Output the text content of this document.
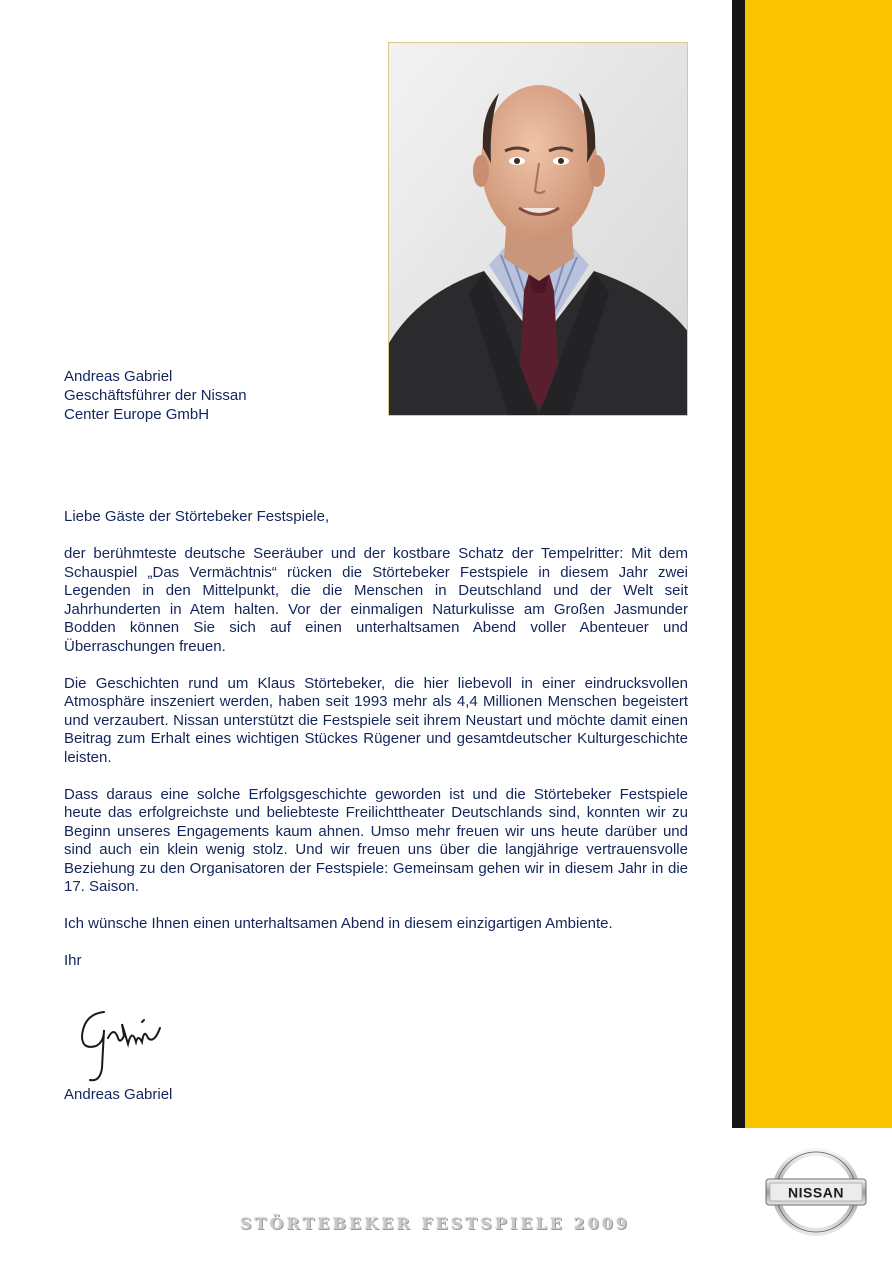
Andreas Gabriel
Geschäftsführer der Nissan
Center Europe GmbH

Liebe Gäste der Störtebeker Festspiele,

der berühmteste deutsche Seeräuber und der kostbare Schatz der Tempelritter: Mit dem Schauspiel „Das Vermächtnis“ rücken die Störtebeker Festspiele in diesem Jahr zwei Legenden in den Mittelpunkt, die die Menschen in Deutschland und der Welt seit Jahrhunderten in Atem halten. Vor der einmaligen Naturkulisse am Großen Jasmunder Bodden können Sie sich auf einen unterhaltsamen Abend voller Abenteuer und Überraschungen freuen.

Die Geschichten rund um Klaus Störtebeker, die hier liebevoll in einer eindrucksvollen Atmosphäre inszeniert werden, haben seit 1993 mehr als 4,4 Millionen Menschen begeistert und verzaubert. Nissan unterstützt die Festspiele seit ihrem Neustart und möchte damit einen Beitrag zum Erhalt eines wichtigen Stückes Rügener und gesamtdeutscher Kulturgeschichte leisten.

Dass daraus eine solche Erfolgsgeschichte geworden ist und die Störtebeker Festspiele heute das erfolgreichste und beliebteste Freilichttheater Deutschlands sind, konnten wir zu Beginn unseres Engagements kaum ahnen. Umso mehr freuen wir uns heute darüber und sind auch ein klein wenig stolz. Und wir freuen uns über die langjährige vertrauensvolle Beziehung zu den Organisatoren der Festspiele: Gemeinsam gehen wir in diesem Jahr in die 17. Saison.

Ich wünsche Ihnen einen unterhaltsamen Abend in diesem einzigartigen Ambiente.

Ihr

Andreas Gabriel
STÖRTEBEKER FESTSPIELE 2009
NISSAN
